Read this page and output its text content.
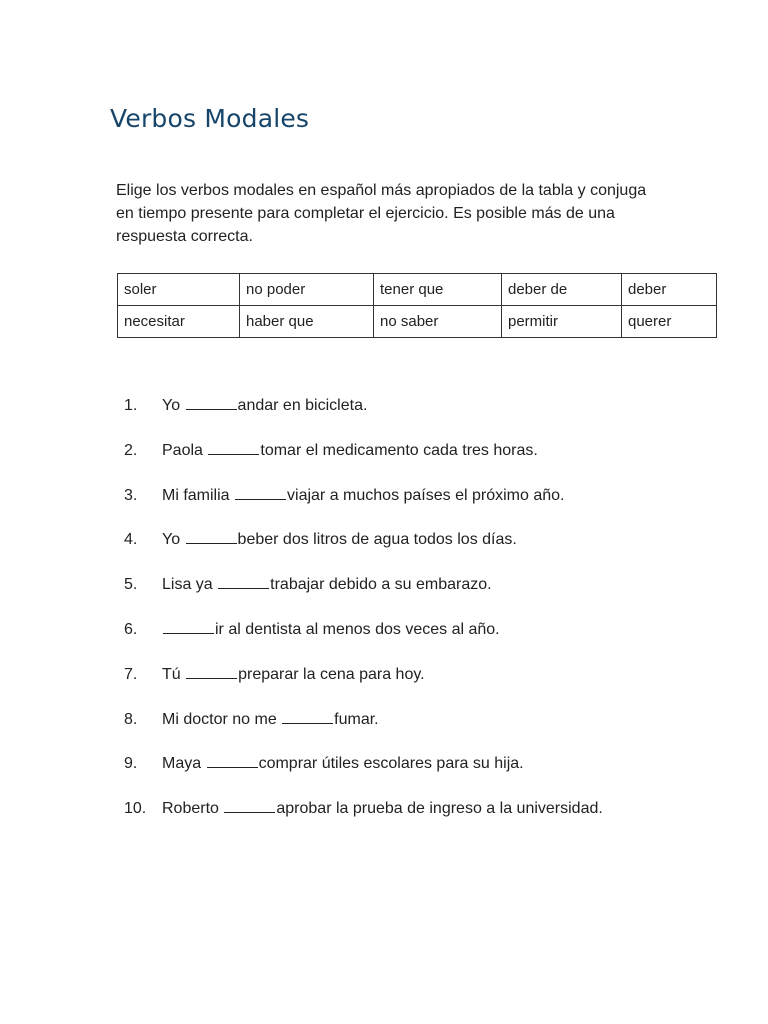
Verbos Modales

Elige los verbos modales en español más apropiados de la tabla y conjuga en tiempo presente para completar el ejercicio. Es posible más de una respuesta correcta.

soler	no poder	tener que	deber de	deber
necesitar	haber que	no saber	permitir	querer
1. Yo	andar en bicicleta.
2. Paola	tomar el medicamento cada tres horas.
3. Mi familia	viajar a muchos países el próximo año.
4. Yo	beber dos litros de agua todos los días.
5. Lisa ya	trabajar debido a su embarazo.
6.	ir al dentista al menos dos veces al año.
7. Tú	preparar la cena para hoy.
8. Mi doctor no me	fumar.
9. Maya	comprar útiles escolares para su hija.
10. Roberto	aprobar la prueba de ingreso a la universidad.
